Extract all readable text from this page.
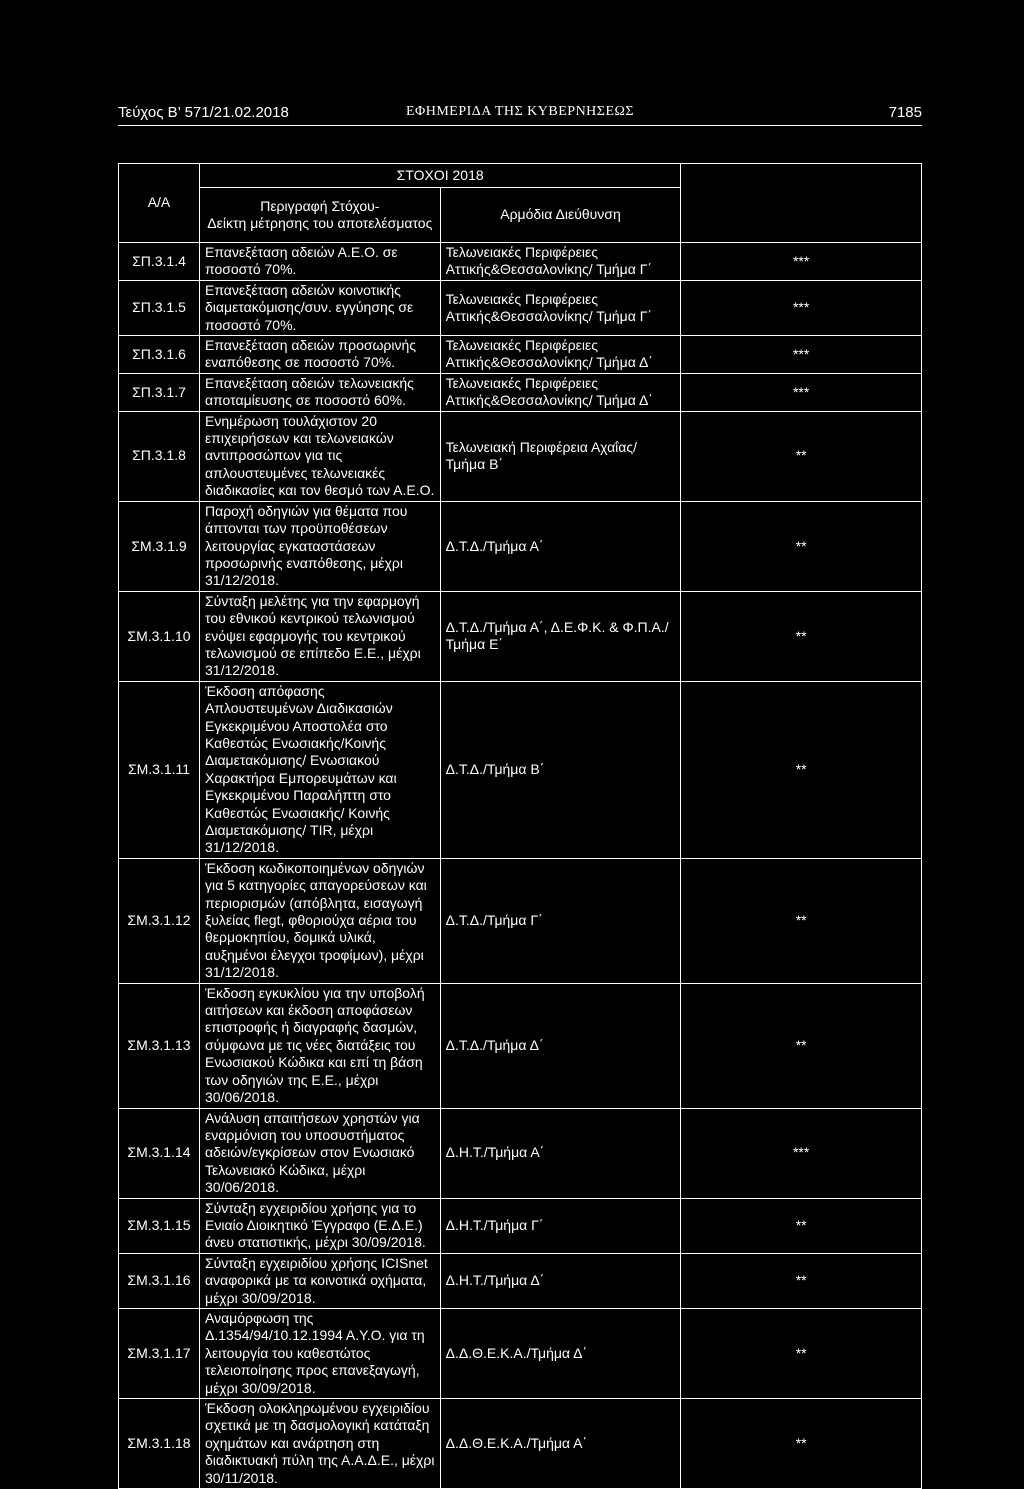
Τεύχος Β’ 571/21.02.2018	ΕΦΗΜΕΡΙΔΑ ΤΗΣ ΚΥΒΕΡΝΗΣΕΩΣ	7185
Α/Α	ΣΤΟΧΟΙ 2018		

	Περιγραφή Στόχου-
Δείκτη μέτρησης του αποτελέσματος	Αρμόδια Διεύθυνση	
ΣΠ.3.1.4	Επανεξέταση αδειών Α.Ε.Ο. σε ποσοστό 70%.	Τελωνειακές Περιφέρειες Αττικής&Θεσσαλονίκης/ Τμήμα Γ΄	***
ΣΠ.3.1.5	Επανεξέταση αδειών κοινοτικής διαμετακόμισης/συν. εγγύησης σε ποσοστό 70%.	Τελωνειακές Περιφέρειες Αττικής&Θεσσαλονίκης/ Τμήμα Γ΄	***
ΣΠ.3.1.6	Επανεξέταση αδειών προσωρινής εναπόθεσης σε ποσοστό 70%.	Τελωνειακές Περιφέρειες Αττικής&Θεσσαλονίκης/ Τμήμα Δ΄	***
ΣΠ.3.1.7	Επανεξέταση αδειών τελωνειακής αποταμίευσης σε ποσοστό 60%.	Τελωνειακές Περιφέρειες Αττικής&Θεσσαλονίκης/ Τμήμα Δ΄	***
ΣΠ.3.1.8	Ενημέρωση τουλάχιστον 20 επιχειρήσεων και τελωνειακών αντιπροσώπων για τις απλουστευμένες τελωνειακές διαδικασίες και τον θεσμό των Α.Ε.Ο.	Τελωνειακή Περιφέρεια Αχαΐας/ Τμήμα Β΄	**
ΣΜ.3.1.9	Παροχή οδηγιών για θέματα που άπτονται των προϋποθέσεων λειτουργίας εγκαταστάσεων προσωρινής εναπόθεσης, μέχρι 31/12/2018.	Δ.Τ.Δ./Τμήμα Α΄	**
ΣΜ.3.1.10	Σύνταξη μελέτης για την εφαρμογή του εθνικού κεντρικού τελωνισμού ενόψει εφαρμογής του κεντρικού τελωνισμού σε επίπεδο Ε.Ε., μέχρι 31/12/2018.	Δ.Τ.Δ./Τμήμα Α΄, Δ.Ε.Φ.Κ. & Φ.Π.Α./ Τμήμα Ε΄	**
ΣΜ.3.1.11	Έκδοση απόφασης Απλουστευμένων Διαδικασιών Εγκεκριμένου Αποστολέα στο Καθεστώς Ενωσιακής/Κοινής Διαμετακόμισης/ Ενωσιακού Χαρακτήρα Εμπορευμάτων και Εγκεκριμένου Παραλήπτη στο Καθεστώς Ενωσιακής/ Κοινής Διαμετακόμισης/ TIR, μέχρι 31/12/2018.	Δ.Τ.Δ./Τμήμα Β΄	**
ΣΜ.3.1.12	Έκδοση κωδικοποιημένων οδηγιών για 5 κατηγορίες απαγορεύσεων και περιορισμών (απόβλητα, εισαγωγή ξυλείας flegt, φθοριούχα αέρια του θερμοκηπίου, δομικά υλικά, αυξημένοι έλεγχοι τροφίμων), μέχρι 31/12/2018.	Δ.Τ.Δ./Τμήμα Γ΄	**
ΣΜ.3.1.13	Έκδοση εγκυκλίου για την υποβολή αιτήσεων και έκδοση αποφάσεων επιστροφής ή διαγραφής δασμών, σύμφωνα με τις νέες διατάξεις του Ενωσιακού Κώδικα και επί τη βάση των οδηγιών της Ε.Ε., μέχρι 30/06/2018.	Δ.Τ.Δ./Τμήμα Δ΄	**
ΣΜ.3.1.14	Ανάλυση απαιτήσεων χρηστών για εναρμόνιση του υποσυστήματος αδειών/εγκρίσεων στον Ενωσιακό Τελωνειακό Κώδικα, μέχρι 30/06/2018.	Δ.Η.Τ./Τμήμα Α΄	***
ΣΜ.3.1.15	Σύνταξη εγχειριδίου χρήσης για το Ενιαίο Διοικητικό Έγγραφο (Ε.Δ.Ε.) άνευ στατιστικής, μέχρι 30/09/2018.	Δ.Η.Τ./Τμήμα Γ΄	**
ΣΜ.3.1.16	Σύνταξη εγχειριδίου χρήσης ICISnet αναφορικά με τα κοινοτικά οχήματα, μέχρι 30/09/2018.	Δ.Η.Τ./Τμήμα Δ΄	**
ΣΜ.3.1.17	Αναμόρφωση της Δ.1354/94/10.12.1994 Α.Υ.Ο. για τη λειτουργία του καθεστώτος τελειοποίησης προς επανεξαγωγή, μέχρι 30/09/2018.	Δ.Δ.Θ.Ε.Κ.Α./Τμήμα Δ΄	**
ΣΜ.3.1.18	Έκδοση ολοκληρωμένου εγχειριδίου σχετικά με τη δασμολογική κατάταξη οχημάτων και ανάρτηση στη διαδικτυακή πύλη της Α.Α.Δ.Ε., μέχρι 30/11/2018.	Δ.Δ.Θ.Ε.Κ.Α./Τμήμα Α΄	**
